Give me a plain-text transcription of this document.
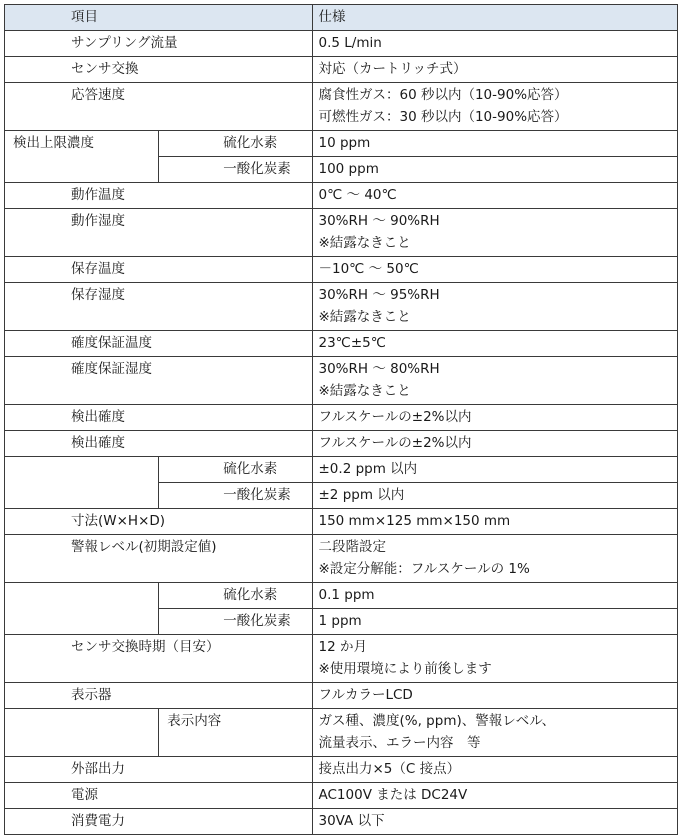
項目		仕様
サンプリング流量		0.5 L/min
センサ交換		対応（カートリッチ式）
応答速度		腐食性ガス：60 秒以内（10-90%応答）
可燃性ガス：30 秒以内（10-90%応答）

検出上限濃度	硫化水素	10 ppm
	一酸化炭素	100 ppm
動作温度		0℃ ～ 40℃
動作湿度		30%RH ～ 90%RH
※結露なきこと

保存温度		－10℃ ～ 50℃
保存湿度		30%RH ～ 95%RH
※結露なきこと

確度保証温度		23℃±5℃
確度保証湿度		30%RH ～ 80%RH
※結露なきこと

検出確度		フルスケールの±2%以内
検出確度		フルスケールの±2%以内
	硫化水素	±0.2 ppm 以内
	一酸化炭素	±2 ppm 以内
寸法(W×H×D)		150 mm×125 mm×150 mm
警報レベル(初期設定値)		二段階設定
※設定分解能：フルスケールの 1%

	硫化水素	0.1 ppm
	一酸化炭素	1 ppm
センサ交換時期（目安）		12 か月
※使用環境により前後します

表示器		フルカラーLCD
	表示内容	ガス種、濃度(%, ppm)、警報レベル、
流量表示、エラー内容　等

外部出力		接点出力×5（C 接点）
電源		AC100V または DC24V
消費電力		30VA 以下
